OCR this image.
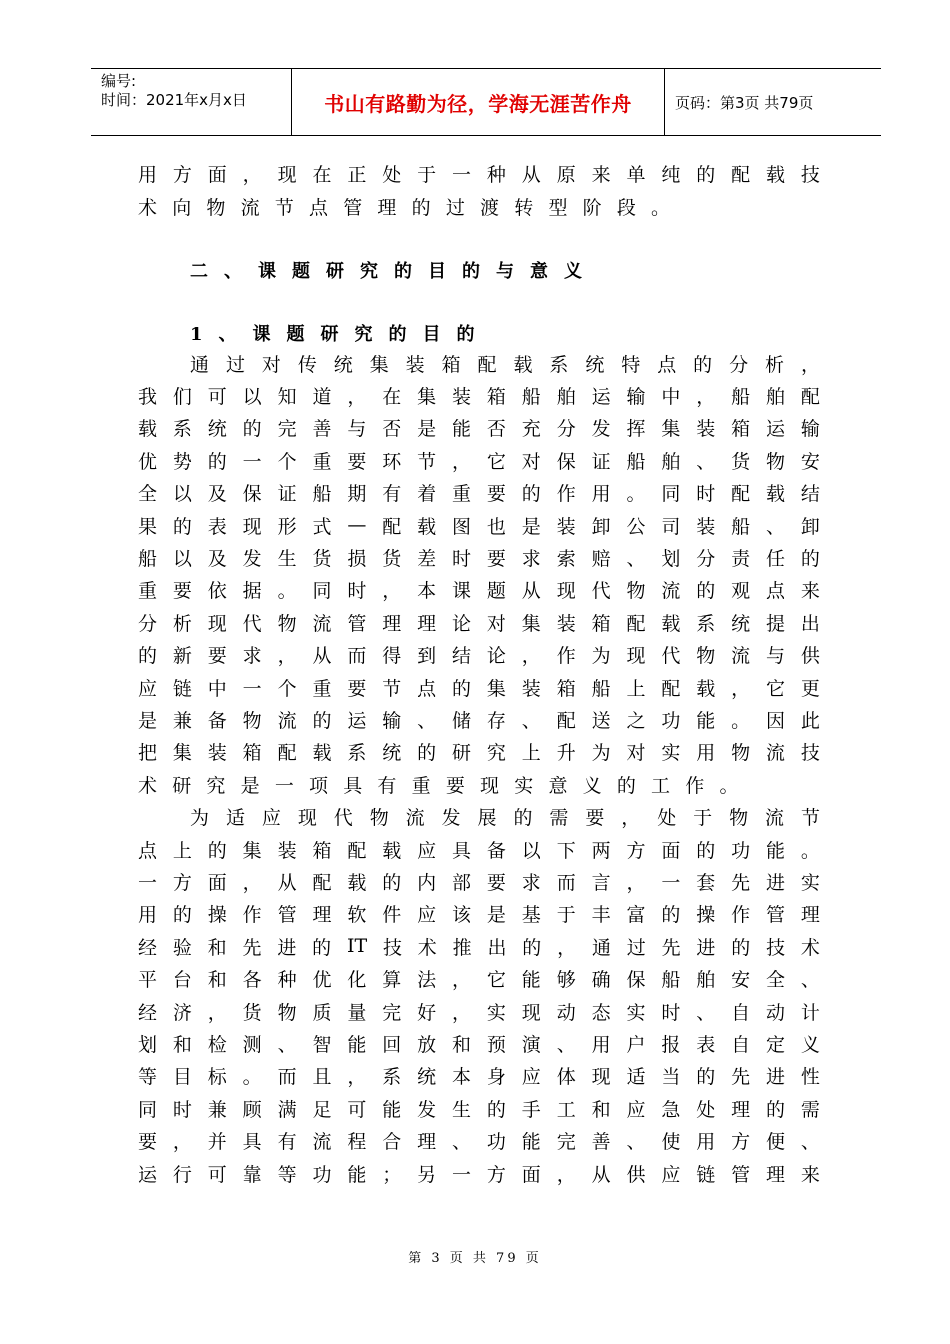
编号:
时间：2021年x月x日	书山有路勤为径，学海无涯苦作舟	页码：第3页 共79页
用 方 面 ， 现 在 正 处 于 一 种 从 原 来 单 纯 的 配 载 技
术 向 物 流 节 点 管 理 的 过 渡 转 型 阶 段 。
二、课题研究的目的与意义
1、课题研究的目的
通 过 对 传 统 集 装 箱 配 载 系 统 特 点 的 分 析 ，
我 们 可 以 知 道 ， 在 集 装 箱 船 舶 运 输 中 ， 船 舶 配
载 系 统 的 完 善 与 否 是 能 否 充 分 发 挥 集 装 箱 运 输
优 势 的 一 个 重 要 环 节 ， 它 对 保 证 船 舶 、 货 物 安
全 以 及 保 证 船 期 有 着 重 要 的 作 用 。 同 时 配 载 结
果 的 表 现 形 式 — 配 载 图 也 是 装 卸 公 司 装 船 、 卸
船 以 及 发 生 货 损 货 差 时 要 求 索 赔 、 划 分 责 任 的
重 要 依 据 。 同 时 ， 本 课 题 从 现 代 物 流 的 观 点 来
分 析 现 代 物 流 管 理 理 论 对 集 装 箱 配 载 系 统 提 出
的 新 要 求 ， 从 而 得 到 结 论 ， 作 为 现 代 物 流 与 供
应 链 中 一 个 重 要 节 点 的 集 装 箱 船 上 配 载 ， 它 更
是 兼 备 物 流 的 运 输 、 储 存 、 配 送 之 功 能 。 因 此
把 集 装 箱 配 载 系 统 的 研 究 上 升 为 对 实 用 物 流 技
术 研 究 是 一 项 具 有 重 要 现 实 意 义 的 工 作 。
为 适 应 现 代 物 流 发 展 的 需 要 ， 处 于 物 流 节
点 上 的 集 装 箱 配 载 应 具 备 以 下 两 方 面 的 功 能 。
一 方 面 ， 从 配 载 的 内 部 要 求 而 言 ， 一 套 先 进 实
用 的 操 作 管 理 软 件 应 该 是 基 于 丰 富 的 操 作 管 理
经 验 和 先 进 的 IT 技 术 推 出 的 ， 通 过 先 进 的 技 术
平 台 和 各 种 优 化 算 法 ， 它 能 够 确 保 船 舶 安 全 、
经 济 ， 货 物 质 量 完 好 ， 实 现 动 态 实 时 、 自 动 计
划 和 检 测 、 智 能 回 放 和 预 演 、 用 户 报 表 自 定 义
等 目 标 。 而 且 ， 系 统 本 身 应 体 现 适 当 的 先 进 性
同 时 兼 顾 满 足 可 能 发 生 的 手 工 和 应 急 处 理 的 需
要 ， 并 具 有 流 程 合 理 、 功 能 完 善 、 使 用 方 便 、
运 行 可 靠 等 功 能 ； 另 一 方 面 ， 从 供 应 链 管 理 来
第 3 页 共 79 页
